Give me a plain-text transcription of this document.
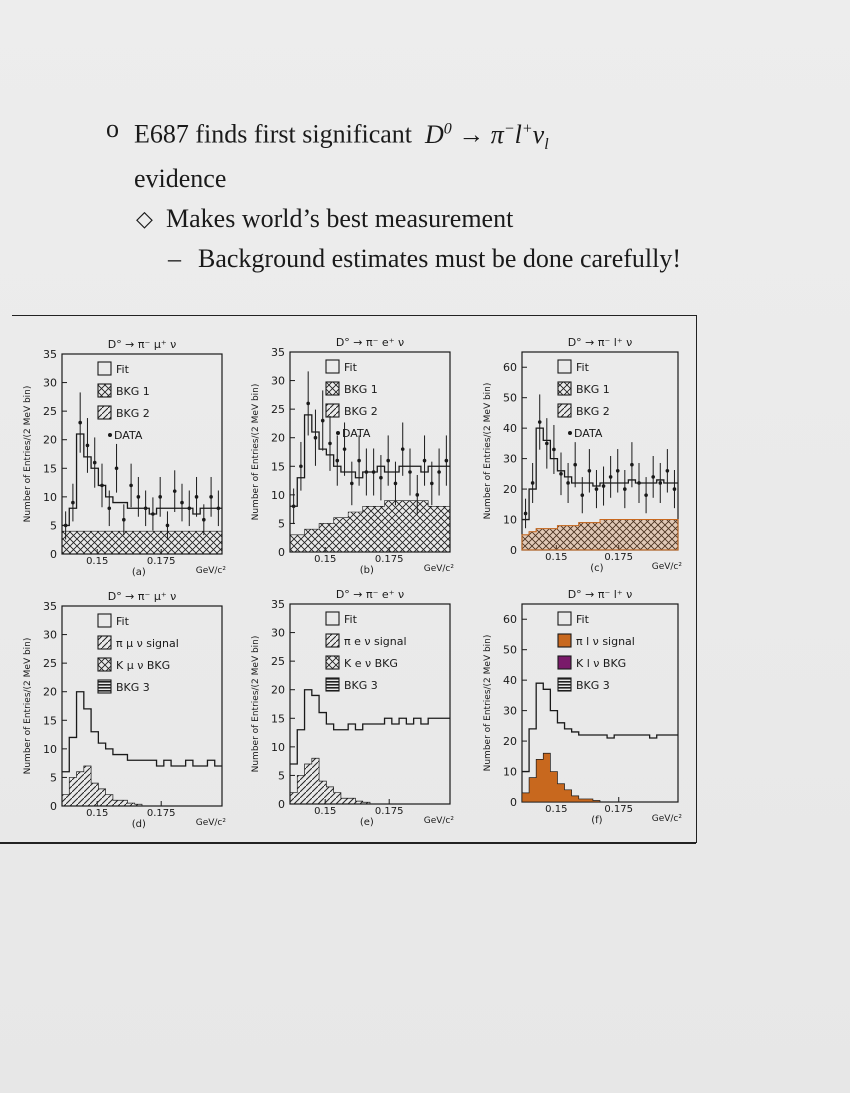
o E687 finds first significant $D^0 \to \pi^-l^+\nu_l$
evidence
◇ Makes world’s best measurement
– Background estimates must be done carefully!
D° → π⁻ μ⁺ ν
0
5
10
15
20
25
30
35
0.15	0.175
(a)	GeV/c²
Number of Entries/(2 MeV bin)
Fit
BKG 1
BKG 2
DATA
D° → π⁻ e⁺ ν
0
5
10
15
20
25
30
35
0.15	0.175
(b)	GeV/c²
Number of Entries/(2 MeV bin)
Fit
BKG 1
BKG 2
DATA
D° → π⁻ l⁺ ν
0
10
20
30
40
50
60
0.15	0.175
(c)	GeV/c²
Number of Entries/(2 MeV bin)
Fit
BKG 1
BKG 2
DATA
D° → π⁻ μ⁺ ν
0
5
10
15
20
25
30
35
0.15	0.175
(d)	GeV/c²
Number of Entries/(2 MeV bin)
Fit
π μ ν signal
K μ ν BKG
BKG 3
D° → π⁻ e⁺ ν
0
5
10
15
20
25
30
35
0.15	0.175
(e)	GeV/c²
Number of Entries/(2 MeV bin)
Fit
π e ν signal
K e ν BKG
BKG 3
D° → π⁻ l⁺ ν
0
10
20
30
40
50
60
0.15	0.175
(f)	GeV/c²
Number of Entries/(2 MeV bin)
Fit
π l ν signal
K l ν BKG
BKG 3
